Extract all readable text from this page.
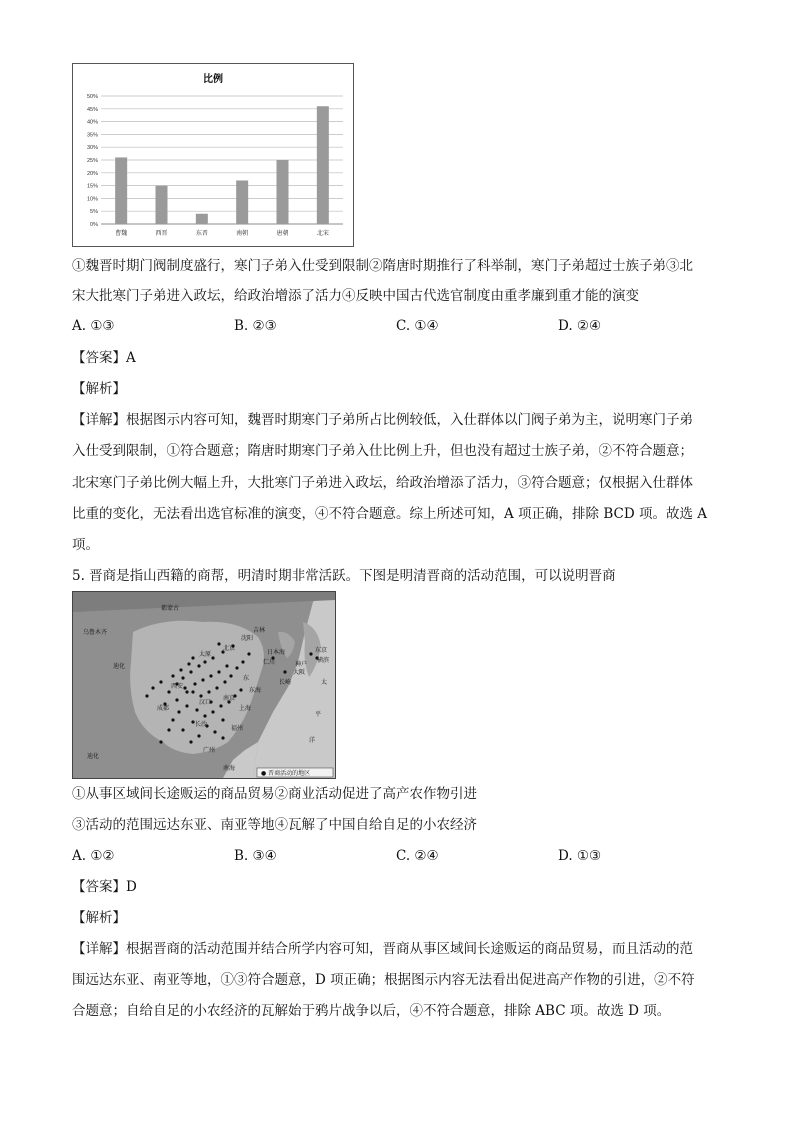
比例
曹魏	西晋	东晋	南朝	唐朝	北宋
0%
5%
10%
15%
20%
25%
30%
35%
40%
45%
50%
①魏晋时期门阀制度盛行，寒门子弟入仕受到限制②隋唐时期推行了科举制，寒门子弟超过士族子弟③北
宋大批寒门子弟进入政坛，给政治增添了活力④反映中国古代选官制度由重孝廉到重才能的演变
A. ①③	B. ②③	C. ①④	D. ②④
【答案】A
【解析】
【详解】根据图示内容可知，魏晋时期寒门子弟所占比例较低，入仕群体以门阀子弟为主，说明寒门子弟
入仕受到限制，①符合题意；隋唐时期寒门子弟入仕比例上升，但也没有超过士族子弟，②不符合题意；
北宋寒门子弟比例大幅上升，大批寒门子弟进入政坛，给政治增添了活力，③符合题意；仅根据入仕群体
比重的变化，无法看出选官标准的演变，④不符合题意。综上所述可知，A 项正确，排除 BCD 项。故选 A
项。
5. 晋商是指山西籍的商帮，明清时期非常活跃。下图是明清晋商的活动范围，可以说明晋商
都蒙古
吉林
日本海
沈阳
北京
太原
西安
成都
汉口
南京
上海
广州
长沙
福州
乌鲁木齐
长崎
东
太
平
洋
仁川
大阪
东京
横滨
神户
东海
南海
迪化
迪化
● 晋商活动的地区
①从事区域间长途贩运的商品贸易②商业活动促进了高产农作物引进
③活动的范围远达东亚、南亚等地④瓦解了中国自给自足的小农经济
A. ①②	B. ③④	C. ②④	D. ①③
【答案】D
【解析】
【详解】根据晋商的活动范围并结合所学内容可知，晋商从事区域间长途贩运的商品贸易，而且活动的范
围远达东亚、南亚等地，①③符合题意，D 项正确；根据图示内容无法看出促进高产作物的引进，②不符
合题意；自给自足的小农经济的瓦解始于鸦片战争以后，④不符合题意，排除 ABC 项。故选 D 项。
